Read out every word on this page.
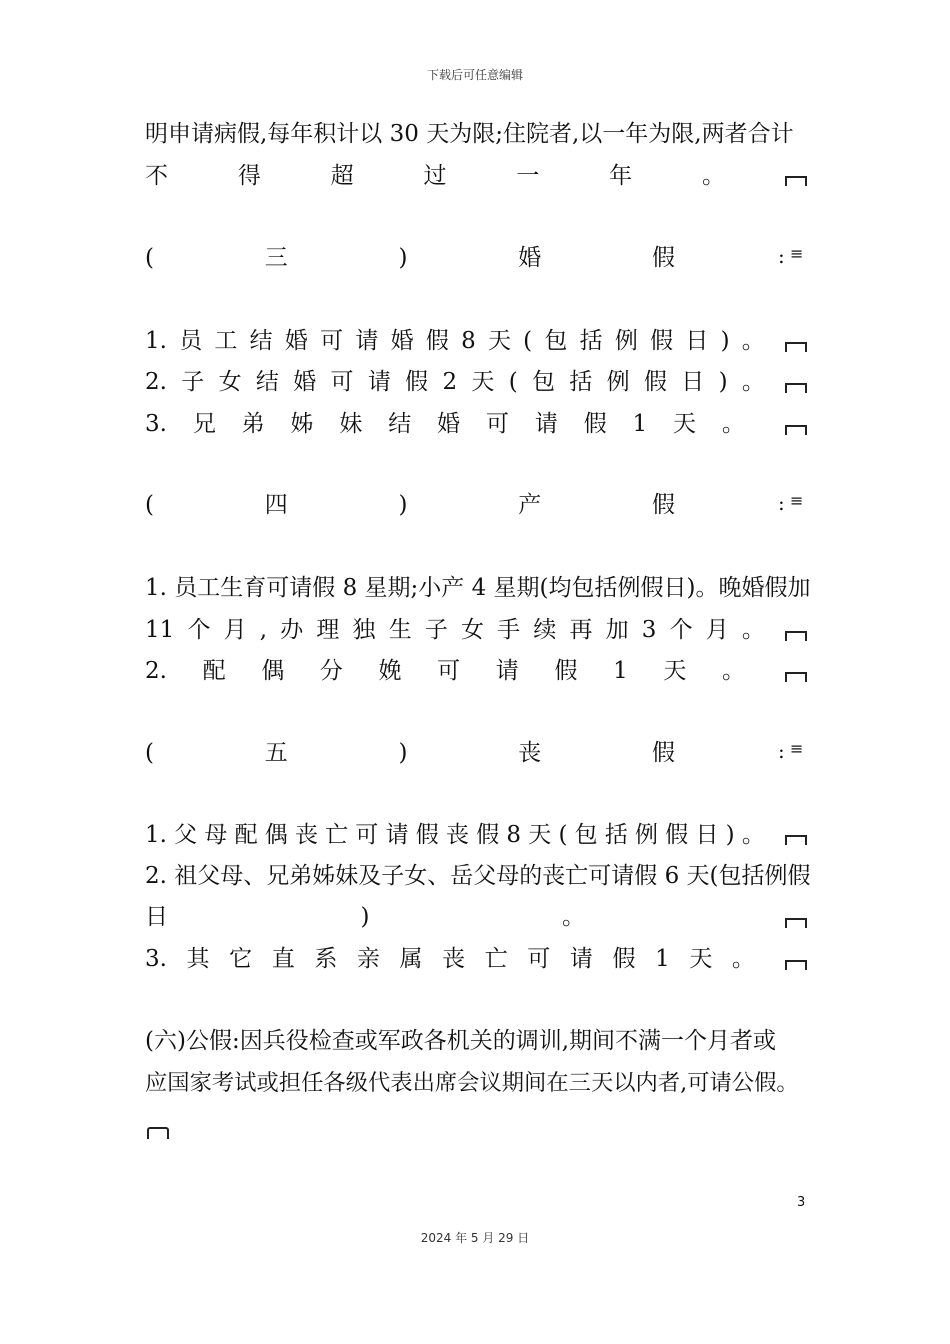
下载后可任意编辑
明申请病假,每年积计以 30 天为限;住院者,以一年为限,两者合计
不	得	超	过	一	年	。
(	三	)	婚	假	: ≡
1. 员 工 结 婚 可 请 婚 假 8 天 ( 包 括 例 假 日 ) 。
2. 子 女 结 婚 可 请 假 2 天 ( 包 括 例 假 日 ) 。
3. 兄 弟 姊 妹 结 婚 可 请 假 1 天 。
(	四	)	产	假	: ≡
1. 员工生育可请假 8 星期;小产 4 星期(均包括例假日)。晚婚假加
11 个 月 , 办 理 独 生 子 女 手 续 再 加 3 个 月 。
2. 配 偶 分 娩 可 请 假 1 天 。
(	五	)	丧	假	: ≡
1. 父 母 配 偶 丧 亡 可 请 假 丧 假 8 天 ( 包 括 例 假 日 ) 。
2. 祖父母、兄弟姊妹及子女、岳父母的丧亡可请假 6 天(包括例假
日	)	。
3. 其 它 直 系 亲 属 丧 亡 可 请 假 1 天 。
(六)公假:因兵役检查或军政各机关的调训,期间不满一个月者或
应国家考试或担任各级代表出席会议期间在三天以内者,可请公假。
3
2024 年 5 月 29 日
